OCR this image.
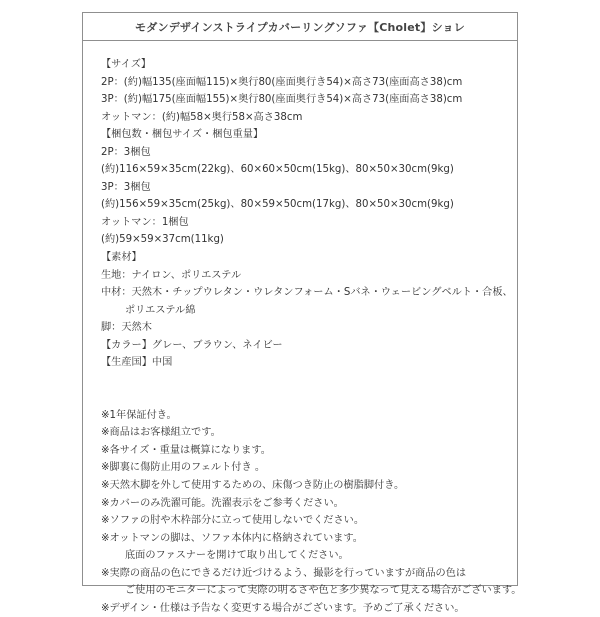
モダンデザインストライプカバーリングソファ【Cholet】ショレ
【サイズ】
2P：(約)幅135(座面幅115)×奥行80(座面奥行き54)×高さ73(座面高さ38)cm
3P：(約)幅175(座面幅155)×奥行80(座面奥行き54)×高さ73(座面高さ38)cm
オットマン：(約)幅58×奥行58×高さ38cm
【梱包数・梱包サイズ・梱包重量】
2P：3梱包
(約)116×59×35cm(22kg)、60×60×50cm(15kg)、80×50×30cm(9kg)
3P：3梱包
(約)156×59×35cm(25kg)、80×59×50cm(17kg)、80×50×30cm(9kg)
オットマン：1梱包
(約)59×59×37cm(11kg)
【素材】
生地：ナイロン、ポリエステル
中材：天然木・チップウレタン・ウレタンフォーム・Sバネ・ウェービングベルト・合板、
ポリエステル綿
脚：天然木
【カラー】グレー、ブラウン、ネイビー
【生産国】中国
※1年保証付き。
※商品はお客様組立です。
※各サイズ・重量は概算になります。
※脚裏に傷防止用のフェルト付き 。
※天然木脚を外して使用するための、床傷つき防止の樹脂脚付き。
※カバーのみ洗濯可能。洗濯表示をご参考ください。
※ソファの肘や木枠部分に立って使用しないでください。
※オットマンの脚は、ソファ本体内に格納されています。
底面のファスナーを開けて取り出してください。
※実際の商品の色にできるだけ近づけるよう、撮影を行っていますが商品の色は
ご使用のモニターによって実際の明るさや色と多少異なって見える場合がございます。
※デザイン・仕様は予告なく変更する場合がございます。予めご了承ください。
